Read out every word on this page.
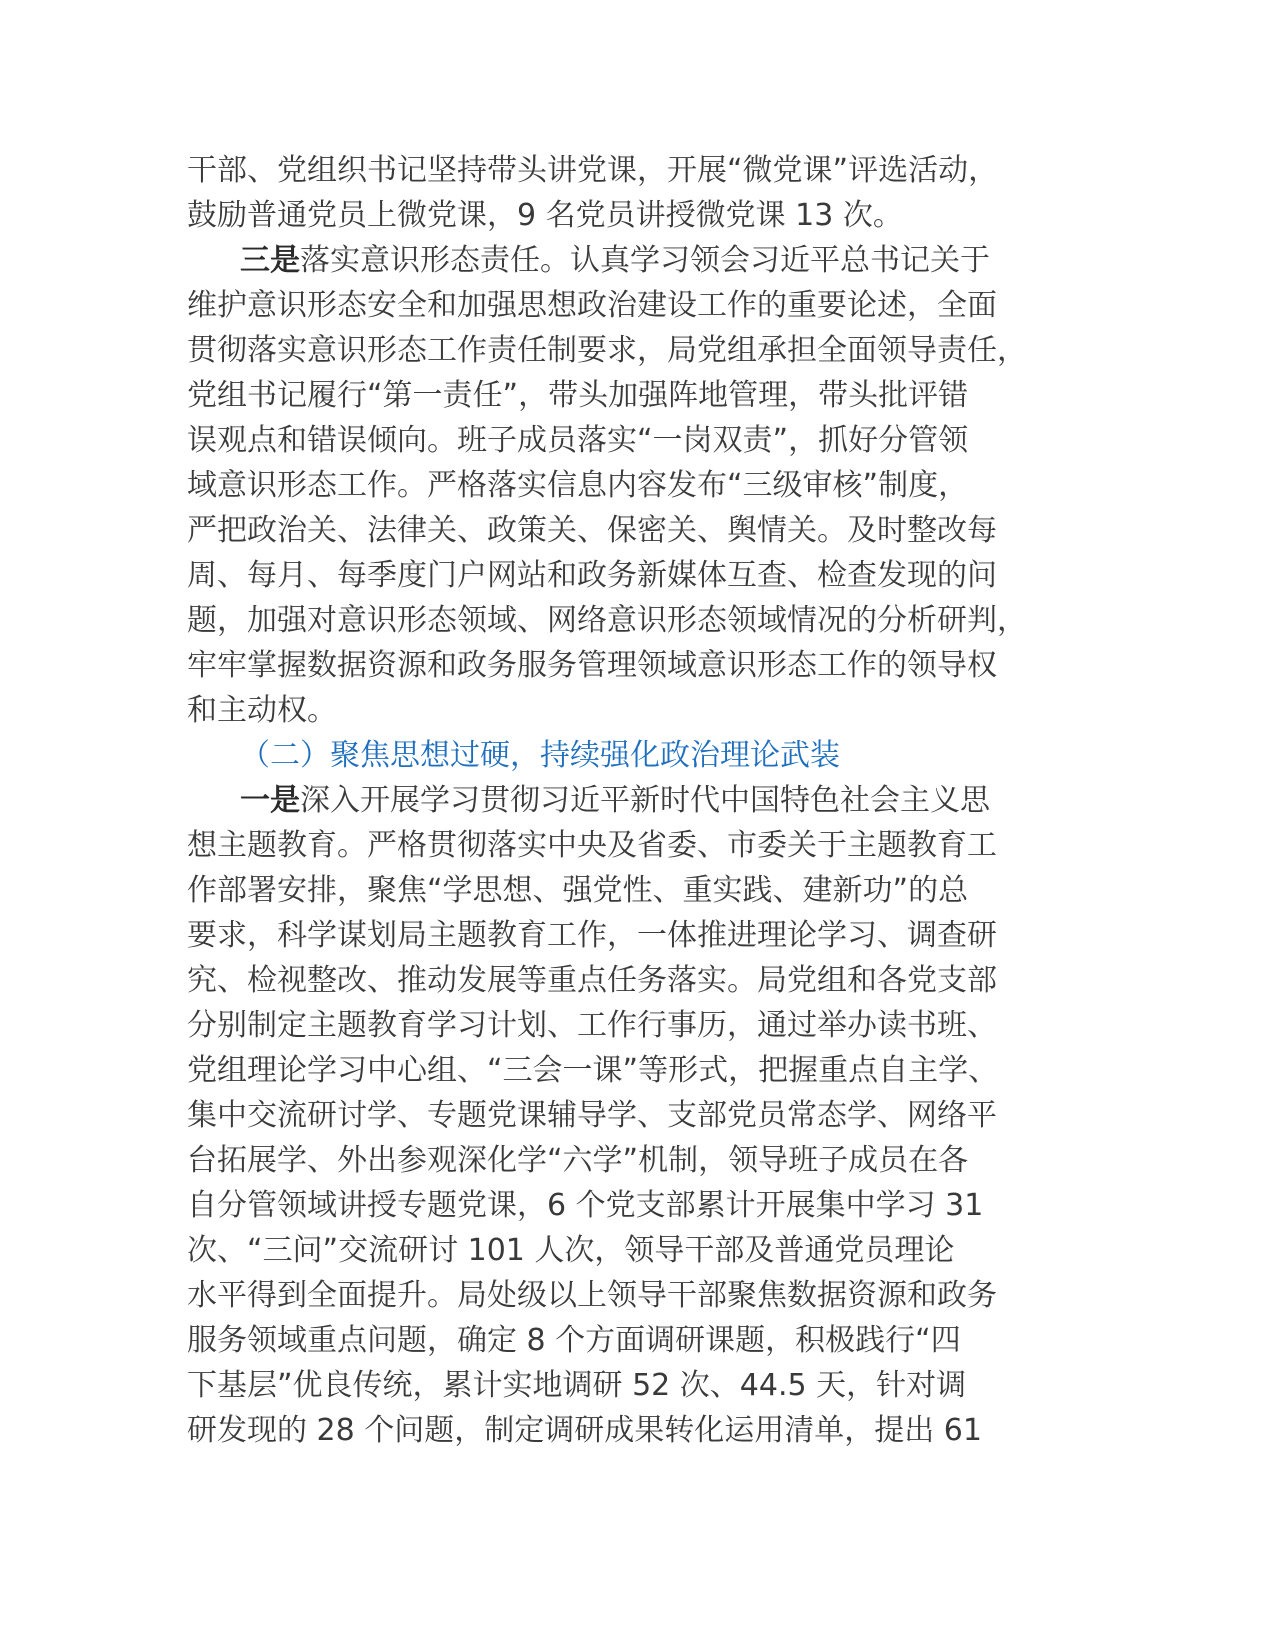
干部、党组织书记坚持带头讲党课，开展“微党课”评选活动，
鼓励普通党员上微党课，9 名党员讲授微党课 13 次。
三是落实意识形态责任。认真学习领会习近平总书记关于
维护意识形态安全和加强思想政治建设工作的重要论述，全面
贯彻落实意识形态工作责任制要求，局党组承担全面领导责任，
党组书记履行“第一责任”，带头加强阵地管理，带头批评错
误观点和错误倾向。班子成员落实“一岗双责”，抓好分管领
域意识形态工作。严格落实信息内容发布“三级审核”制度，
严把政治关、法律关、政策关、保密关、舆情关。及时整改每
周、每月、每季度门户网站和政务新媒体互查、检查发现的问
题，加强对意识形态领域、网络意识形态领域情况的分析研判，
牢牢掌握数据资源和政务服务管理领域意识形态工作的领导权
和主动权。
（二）聚焦思想过硬，持续强化政治理论武装
一是深入开展学习贯彻习近平新时代中国特色社会主义思
想主题教育。严格贯彻落实中央及省委、市委关于主题教育工
作部署安排，聚焦“学思想、强党性、重实践、建新功”的总
要求，科学谋划局主题教育工作，一体推进理论学习、调查研
究、检视整改、推动发展等重点任务落实。局党组和各党支部
分别制定主题教育学习计划、工作行事历，通过举办读书班、
党组理论学习中心组、“三会一课”等形式，把握重点自主学、
集中交流研讨学、专题党课辅导学、支部党员常态学、网络平
台拓展学、外出参观深化学“六学”机制，领导班子成员在各
自分管领域讲授专题党课，6 个党支部累计开展集中学习 31
次、“三问”交流研讨 101 人次，领导干部及普通党员理论
水平得到全面提升。局处级以上领导干部聚焦数据资源和政务
服务领域重点问题，确定 8 个方面调研课题，积极践行“四
下基层”优良传统，累计实地调研 52 次、44.5 天，针对调
研发现的 28 个问题，制定调研成果转化运用清单，提出 61
